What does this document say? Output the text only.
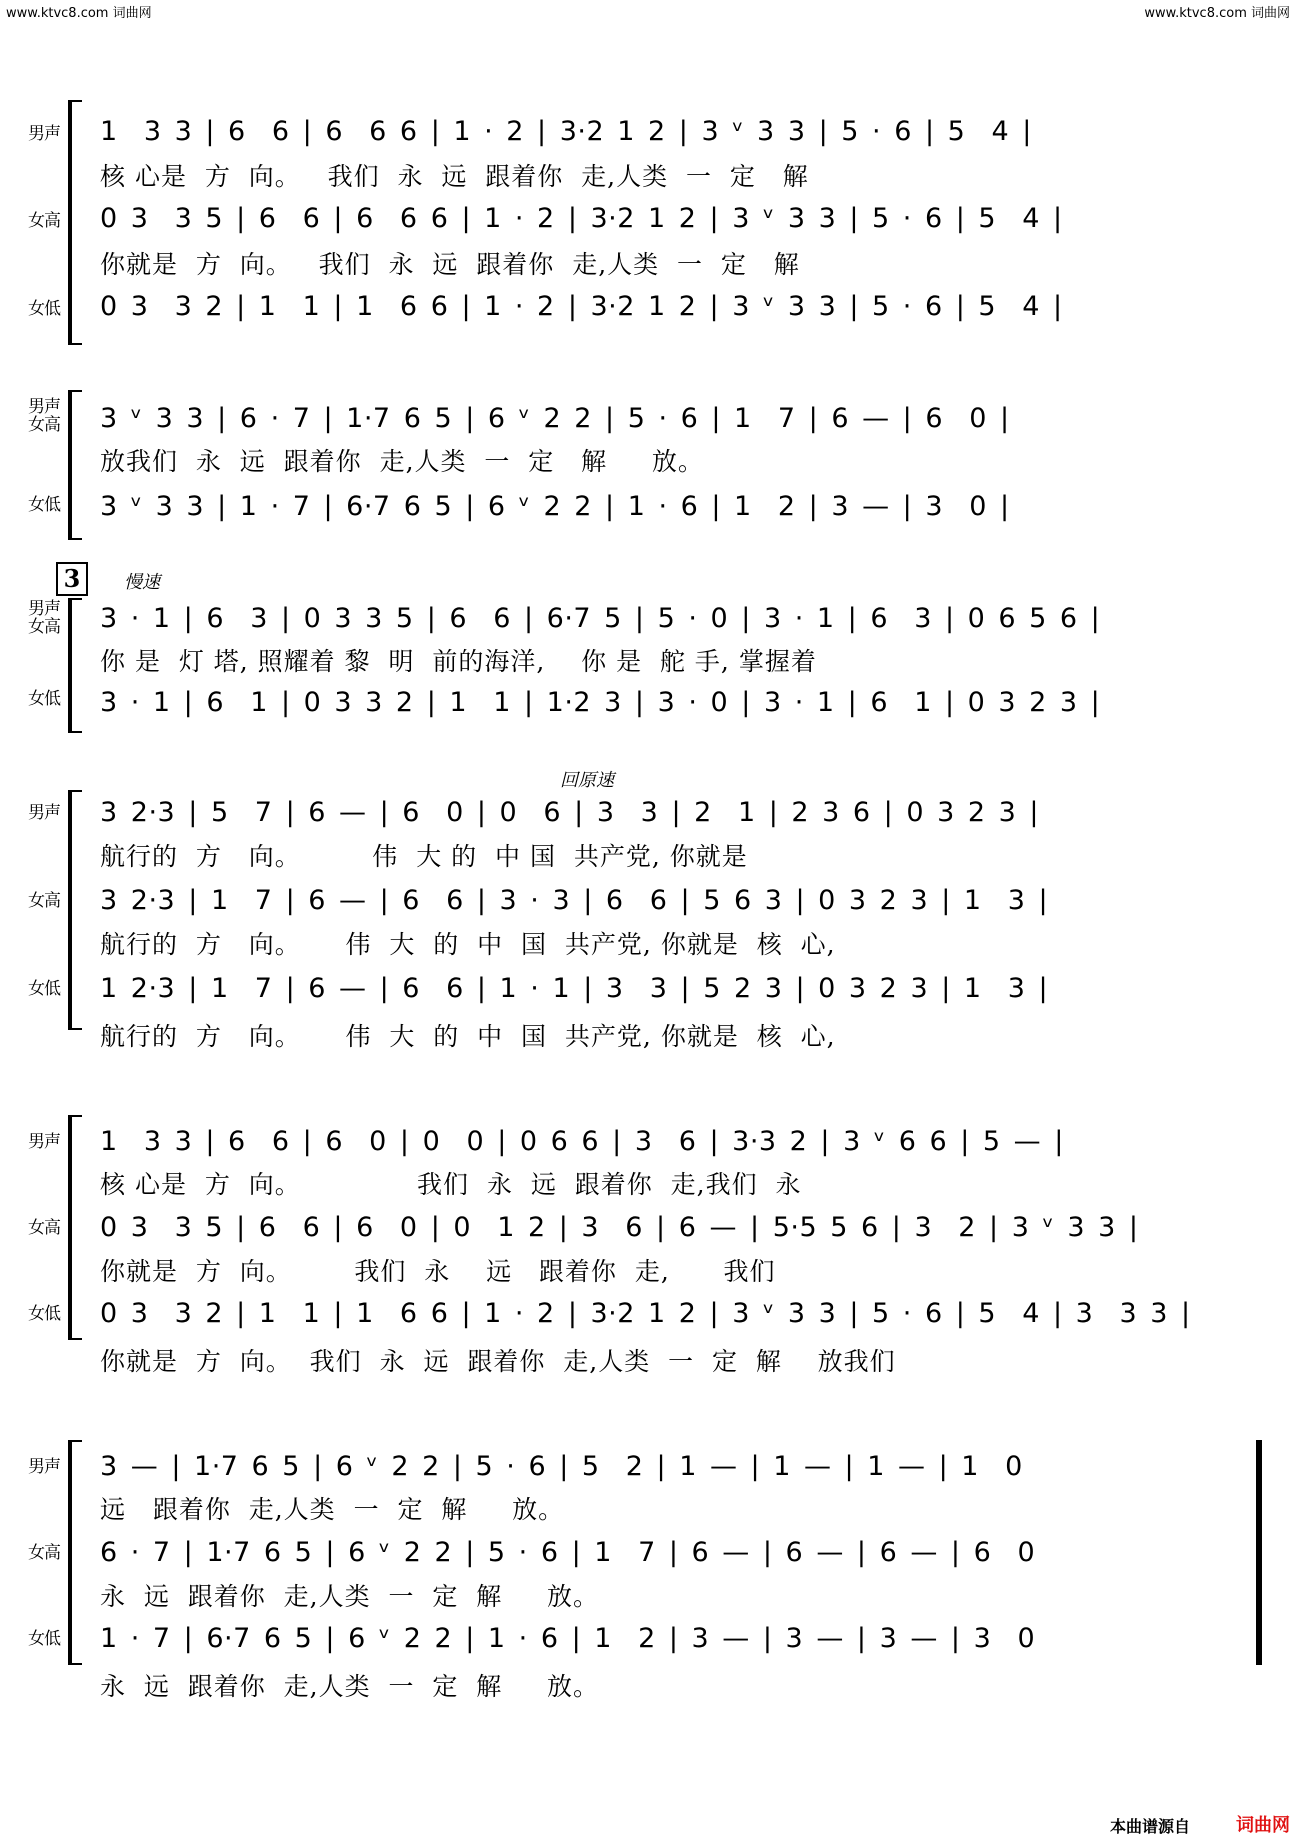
www.ktvc8.com 词曲网	www.ktvc8.com 词曲网
男声
女高
女低
1  3 3 | 6  6 | 6  6 6 | 1 · 2 | 3·2 1 2 | 3 ᵛ 3 3 | 5 · 6 | 5  4 |
核 心是  方  向。   我们  永  远  跟着你  走,人类  一  定   解
0 3  3 5 | 6  6 | 6  6 6 | 1 · 2 | 3·2 1 2 | 3 ᵛ 3 3 | 5 · 6 | 5  4 |
你就是  方  向。   我们  永  远  跟着你  走,人类  一  定   解
0 3  3 2 | 1  1 | 1  6 6 | 1 · 2 | 3·2 1 2 | 3 ᵛ 3 3 | 5 · 6 | 5  4 |
男声
女高
女低
3 ᵛ 3 3 | 6 · 7 | 1·7 6 5 | 6 ᵛ 2 2 | 5 · 6 | 1  7 | 6 — | 6  0 |
放我们  永  远  跟着你  走,人类  一  定   解     放。
3 ᵛ 3 3 | 1 · 7 | 6·7 6 5 | 6 ᵛ 2 2 | 1 · 6 | 1  2 | 3 — | 3  0 |
3	慢速
男声
女高
女低
3 · 1 | 6  3 | 0 3 3 5 | 6  6 | 6·7 5 | 5 · 0 | 3 · 1 | 6  3 | 0 6 5 6 |
你 是  灯 塔, 照耀着 黎  明  前的海洋,    你 是  舵 手, 掌握着
3 · 1 | 6  1 | 0 3 3 2 | 1  1 | 1·2 3 | 3 · 0 | 3 · 1 | 6  1 | 0 3 2 3 |
回原速
男声
女高
女低
3 2·3 | 5  7 | 6 — | 6  0 | 0  6 | 3  3 | 2  1 | 2 3 6 | 0 3 2 3 |
航行的  方   向。        伟  大 的  中 国  共产党, 你就是
3 2·3 | 1  7 | 6 — | 6  6 | 3 · 3 | 6  6 | 5 6 3 | 0 3 2 3 | 1  3 |
航行的  方   向。     伟  大  的  中  国  共产党, 你就是  核  心,
1 2·3 | 1  7 | 6 — | 6  6 | 1 · 1 | 3  3 | 5 2 3 | 0 3 2 3 | 1  3 |
航行的  方   向。     伟  大  的  中  国  共产党, 你就是  核  心,
男声
女高
女低
1  3 3 | 6  6 | 6  0 | 0  0 | 0 6 6 | 3  6 | 3·3 2 | 3 ᵛ 6 6 | 5 — |
核 心是  方  向。             我们  永  远  跟着你  走,我们  永
0 3  3 5 | 6  6 | 6  0 | 0  1 2 | 3  6 | 6 — | 5·5 5 6 | 3  2 | 3 ᵛ 3 3 |
你就是  方  向。       我们  永    远   跟着你  走,      我们
0 3  3 2 | 1  1 | 1  6 6 | 1 · 2 | 3·2 1 2 | 3 ᵛ 3 3 | 5 · 6 | 5  4 | 3  3 3 |
你就是  方  向。  我们  永  远  跟着你  走,人类  一  定  解    放我们
男声
女高
女低
3 — | 1·7 6 5 | 6 ᵛ 2 2 | 5 · 6 | 5  2 | 1 — | 1 — | 1 — | 1  0
远   跟着你  走,人类  一  定  解     放。
6 · 7 | 1·7 6 5 | 6 ᵛ 2 2 | 5 · 6 | 1  7 | 6 — | 6 — | 6 — | 6  0
永  远  跟着你  走,人类  一  定  解     放。
1 · 7 | 6·7 6 5 | 6 ᵛ 2 2 | 1 · 6 | 1  2 | 3 — | 3 — | 3 — | 3  0
永  远  跟着你  走,人类  一  定  解     放。
本曲谱源自	词曲网
